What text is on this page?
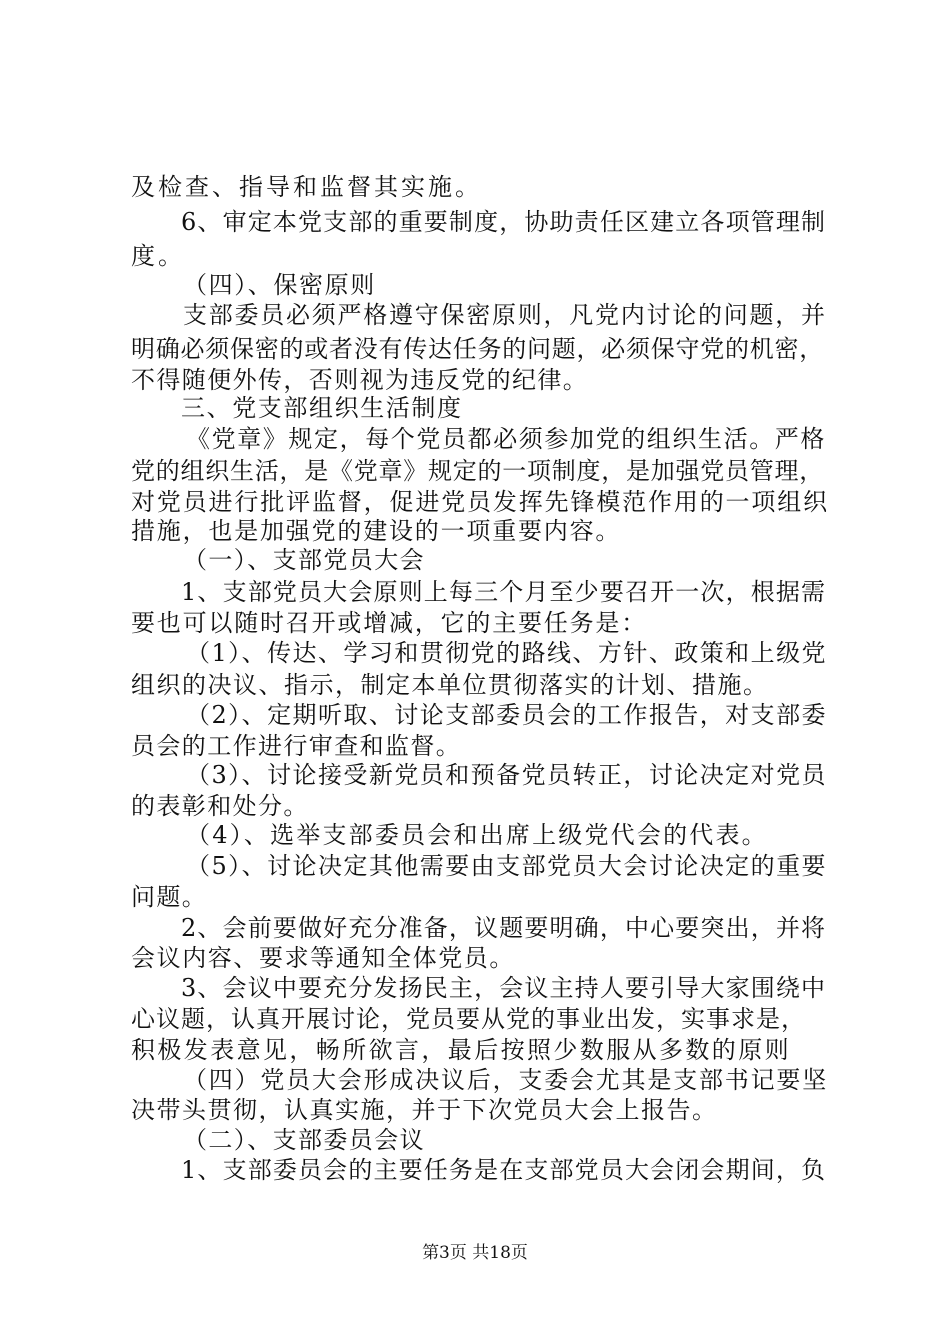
及检查、指导和监督其实施。
6、审定本党支部的重要制度，协助责任区建立各项管理制
度。
（四）、保密原则
支部委员必须严格遵守保密原则，凡党内讨论的问题，并
明确必须保密的或者没有传达任务的问题，必须保守党的机密，
不得随便外传，否则视为违反党的纪律。
三、党支部组织生活制度
《党章》规定，每个党员都必须参加党的组织生活。严格
党的组织生活，是《党章》规定的一项制度，是加强党员管理，
对党员进行批评监督，促进党员发挥先锋模范作用的一项组织
措施，也是加强党的建设的一项重要内容。
（一）、支部党员大会
1、支部党员大会原则上每三个月至少要召开一次，根据需
要也可以随时召开或增减，它的主要任务是：
（1）、传达、学习和贯彻党的路线、方针、政策和上级党
组织的决议、指示，制定本单位贯彻落实的计划、措施。
（2）、定期听取、讨论支部委员会的工作报告，对支部委
员会的工作进行审查和监督。
（3）、讨论接受新党员和预备党员转正，讨论决定对党员
的表彰和处分。
（4）、选举支部委员会和出席上级党代会的代表。
（5）、讨论决定其他需要由支部党员大会讨论决定的重要
问题。
2、会前要做好充分准备，议题要明确，中心要突出，并将
会议内容、要求等通知全体党员。
3、会议中要充分发扬民主，会议主持人要引导大家围绕中
心议题，认真开展讨论，党员要从党的事业出发，实事求是，
积极发表意见，畅所欲言，最后按照少数服从多数的原则
（四）党员大会形成决议后，支委会尤其是支部书记要坚
决带头贯彻，认真实施，并于下次党员大会上报告。
（二）、支部委员会议
1、支部委员会的主要任务是在支部党员大会闭会期间，负
第3页 共18页
